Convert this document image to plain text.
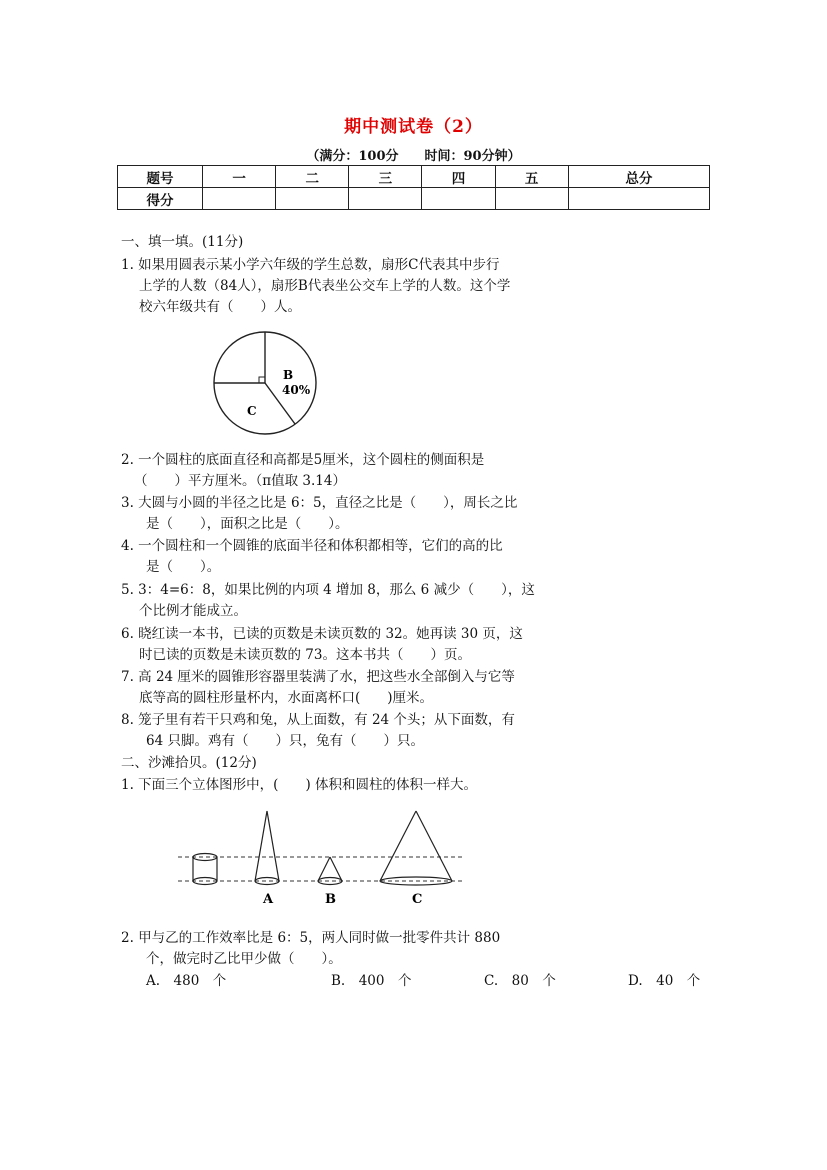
期中测试卷（2）
（满分：100分　　时间：90分钟）
题号	一	二	三	四	五	总分
得分						
一、填一填。(11分)
1. 如果用圆表示某小学六年级的学生总数，扇形C代表其中步行
上学的人数（84人），扇形B代表坐公交车上学的人数。这个学
校六年级共有（　　）人。
B
40%
C
2. 一个圆柱的底面直径和高都是5厘米，这个圆柱的侧面积是
（　　）平方厘米。（π值取 3.14）
3. 大圆与小圆的半径之比是 6：5，直径之比是（　　），周长之比
是（　　），面积之比是（　　）。
4. 一个圆柱和一个圆锥的底面半径和体积都相等，它们的高的比
是（　　）。
5. 3：4=6：8，如果比例的内项 4 增加 8，那么 6 减少（　　），这
个比例才能成立。
6. 晓红读一本书，已读的页数是未读页数的 32。她再读 30 页，这
时已读的页数是未读页数的 73。这本书共（　　）页。
7. 高 24 厘米的圆锥形容器里装满了水，把这些水全部倒入与它等
底等高的圆柱形量杯内，水面离杯口(　　)厘米。
8. 笼子里有若干只鸡和兔，从上面数，有 24 个头；从下面数，有
64 只脚。鸡有（　　）只，兔有（　　）只。
二、沙滩拾贝。(12分)
1. 下面三个立体图形中，(　　) 体积和圆柱的体积一样大。
A	B	C
2. 甲与乙的工作效率比是 6：5，两人同时做一批零件共计 880
个，做完时乙比甲少做（　　）。
A.　480　个	B.　400　个	C.　80　个	D.　40　个
